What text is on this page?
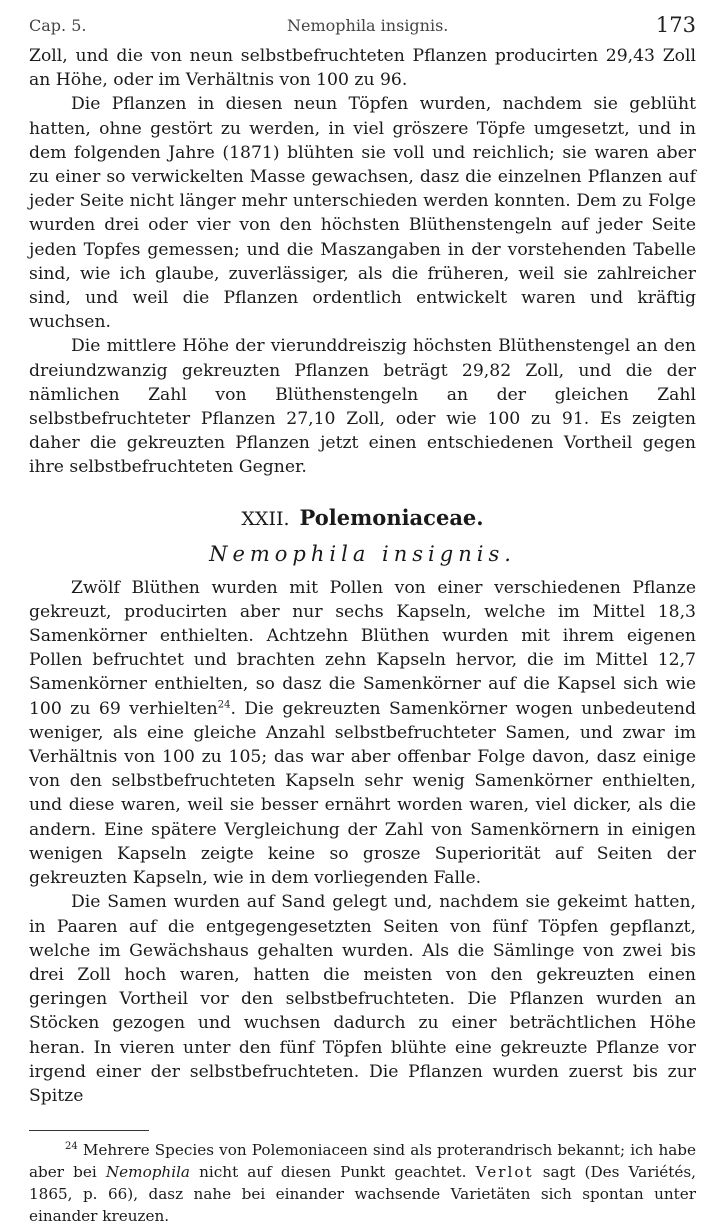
Cap. 5.	Nemophila insignis.	173

Zoll, und die von neun selbstbefruchteten Pflanzen producirten 29,43 Zoll an Höhe, oder im Verhältnis von 100 zu 96.

Die Pflanzen in diesen neun Töpfen wurden, nachdem sie geblüht hatten, ohne gestört zu werden, in viel gröszere Töpfe umgesetzt, und in dem folgenden Jahre (1871) blühten sie voll und reichlich; sie waren aber zu einer so verwickelten Masse gewachsen, dasz die einzelnen Pflanzen auf jeder Seite nicht länger mehr unterschieden werden konnten. Dem zu Folge wurden drei oder vier von den höchsten Blüthenstengeln auf jeder Seite jeden Topfes gemessen; und die Maszangaben in der vorstehenden Tabelle sind, wie ich glaube, zuverlässiger, als die früheren, weil sie zahlreicher sind, und weil die Pflanzen ordentlich entwickelt waren und kräftig wuchsen.

Die mittlere Höhe der vierunddreiszig höchsten Blüthenstengel an den dreiundzwanzig gekreuzten Pflanzen beträgt 29,82 Zoll, und die der nämlichen Zahl von Blüthenstengeln an der gleichen Zahl selbstbefruchteter Pflanzen 27,10 Zoll, oder wie 100 zu 91. Es zeigten daher die gekreuzten Pflanzen jetzt einen entschiedenen Vortheil gegen ihre selbstbefruchteten Gegner.

XXII. Polemoniaceae.
Nemophila insignis.

Zwölf Blüthen wurden mit Pollen von einer verschiedenen Pflanze gekreuzt, producirten aber nur sechs Kapseln, welche im Mittel 18,3 Samenkörner enthielten. Achtzehn Blüthen wurden mit ihrem eigenen Pollen befruchtet und brachten zehn Kapseln hervor, die im Mittel 12,7 Samenkörner enthielten, so dasz die Samenkörner auf die Kapsel sich wie 100 zu 69 verhielten$^{24}$. Die gekreuzten Samenkörner wogen unbedeutend weniger, als eine gleiche Anzahl selbstbefruchteter Samen, und zwar im Verhältnis von 100 zu 105; das war aber offenbar Folge davon, dasz einige von den selbstbefruchteten Kapseln sehr wenig Samenkörner enthielten, und diese waren, weil sie besser ernährt worden waren, viel dicker, als die andern. Eine spätere Vergleichung der Zahl von Samenkörnern in einigen wenigen Kapseln zeigte keine so grosze Superiorität auf Seiten der gekreuzten Kapseln, wie in dem vorliegenden Falle.

Die Samen wurden auf Sand gelegt und, nachdem sie gekeimt hatten, in Paaren auf die entgegengesetzten Seiten von fünf Töpfen gepflanzt, welche im Gewächshaus gehalten wurden. Als die Sämlinge von zwei bis drei Zoll hoch waren, hatten die meisten von den gekreuzten einen geringen Vortheil vor den selbstbefruchteten. Die Pflanzen wurden an Stöcken gezogen und wuchsen dadurch zu einer beträchtlichen Höhe heran. In vieren unter den fünf Töpfen blühte eine gekreuzte Pflanze vor irgend einer der selbstbefruchteten. Die Pflanzen wurden zuerst bis zur Spitze

$^{24}$ Mehrere Species von Polemoniaceen sind als proterandrisch bekannt; ich habe aber bei Nemophila nicht auf diesen Punkt geachtet. Verlot sagt (Des Variétés, 1865, p. 66), dasz nahe bei einander wachsende Varietäten sich spontan unter einander kreuzen.
